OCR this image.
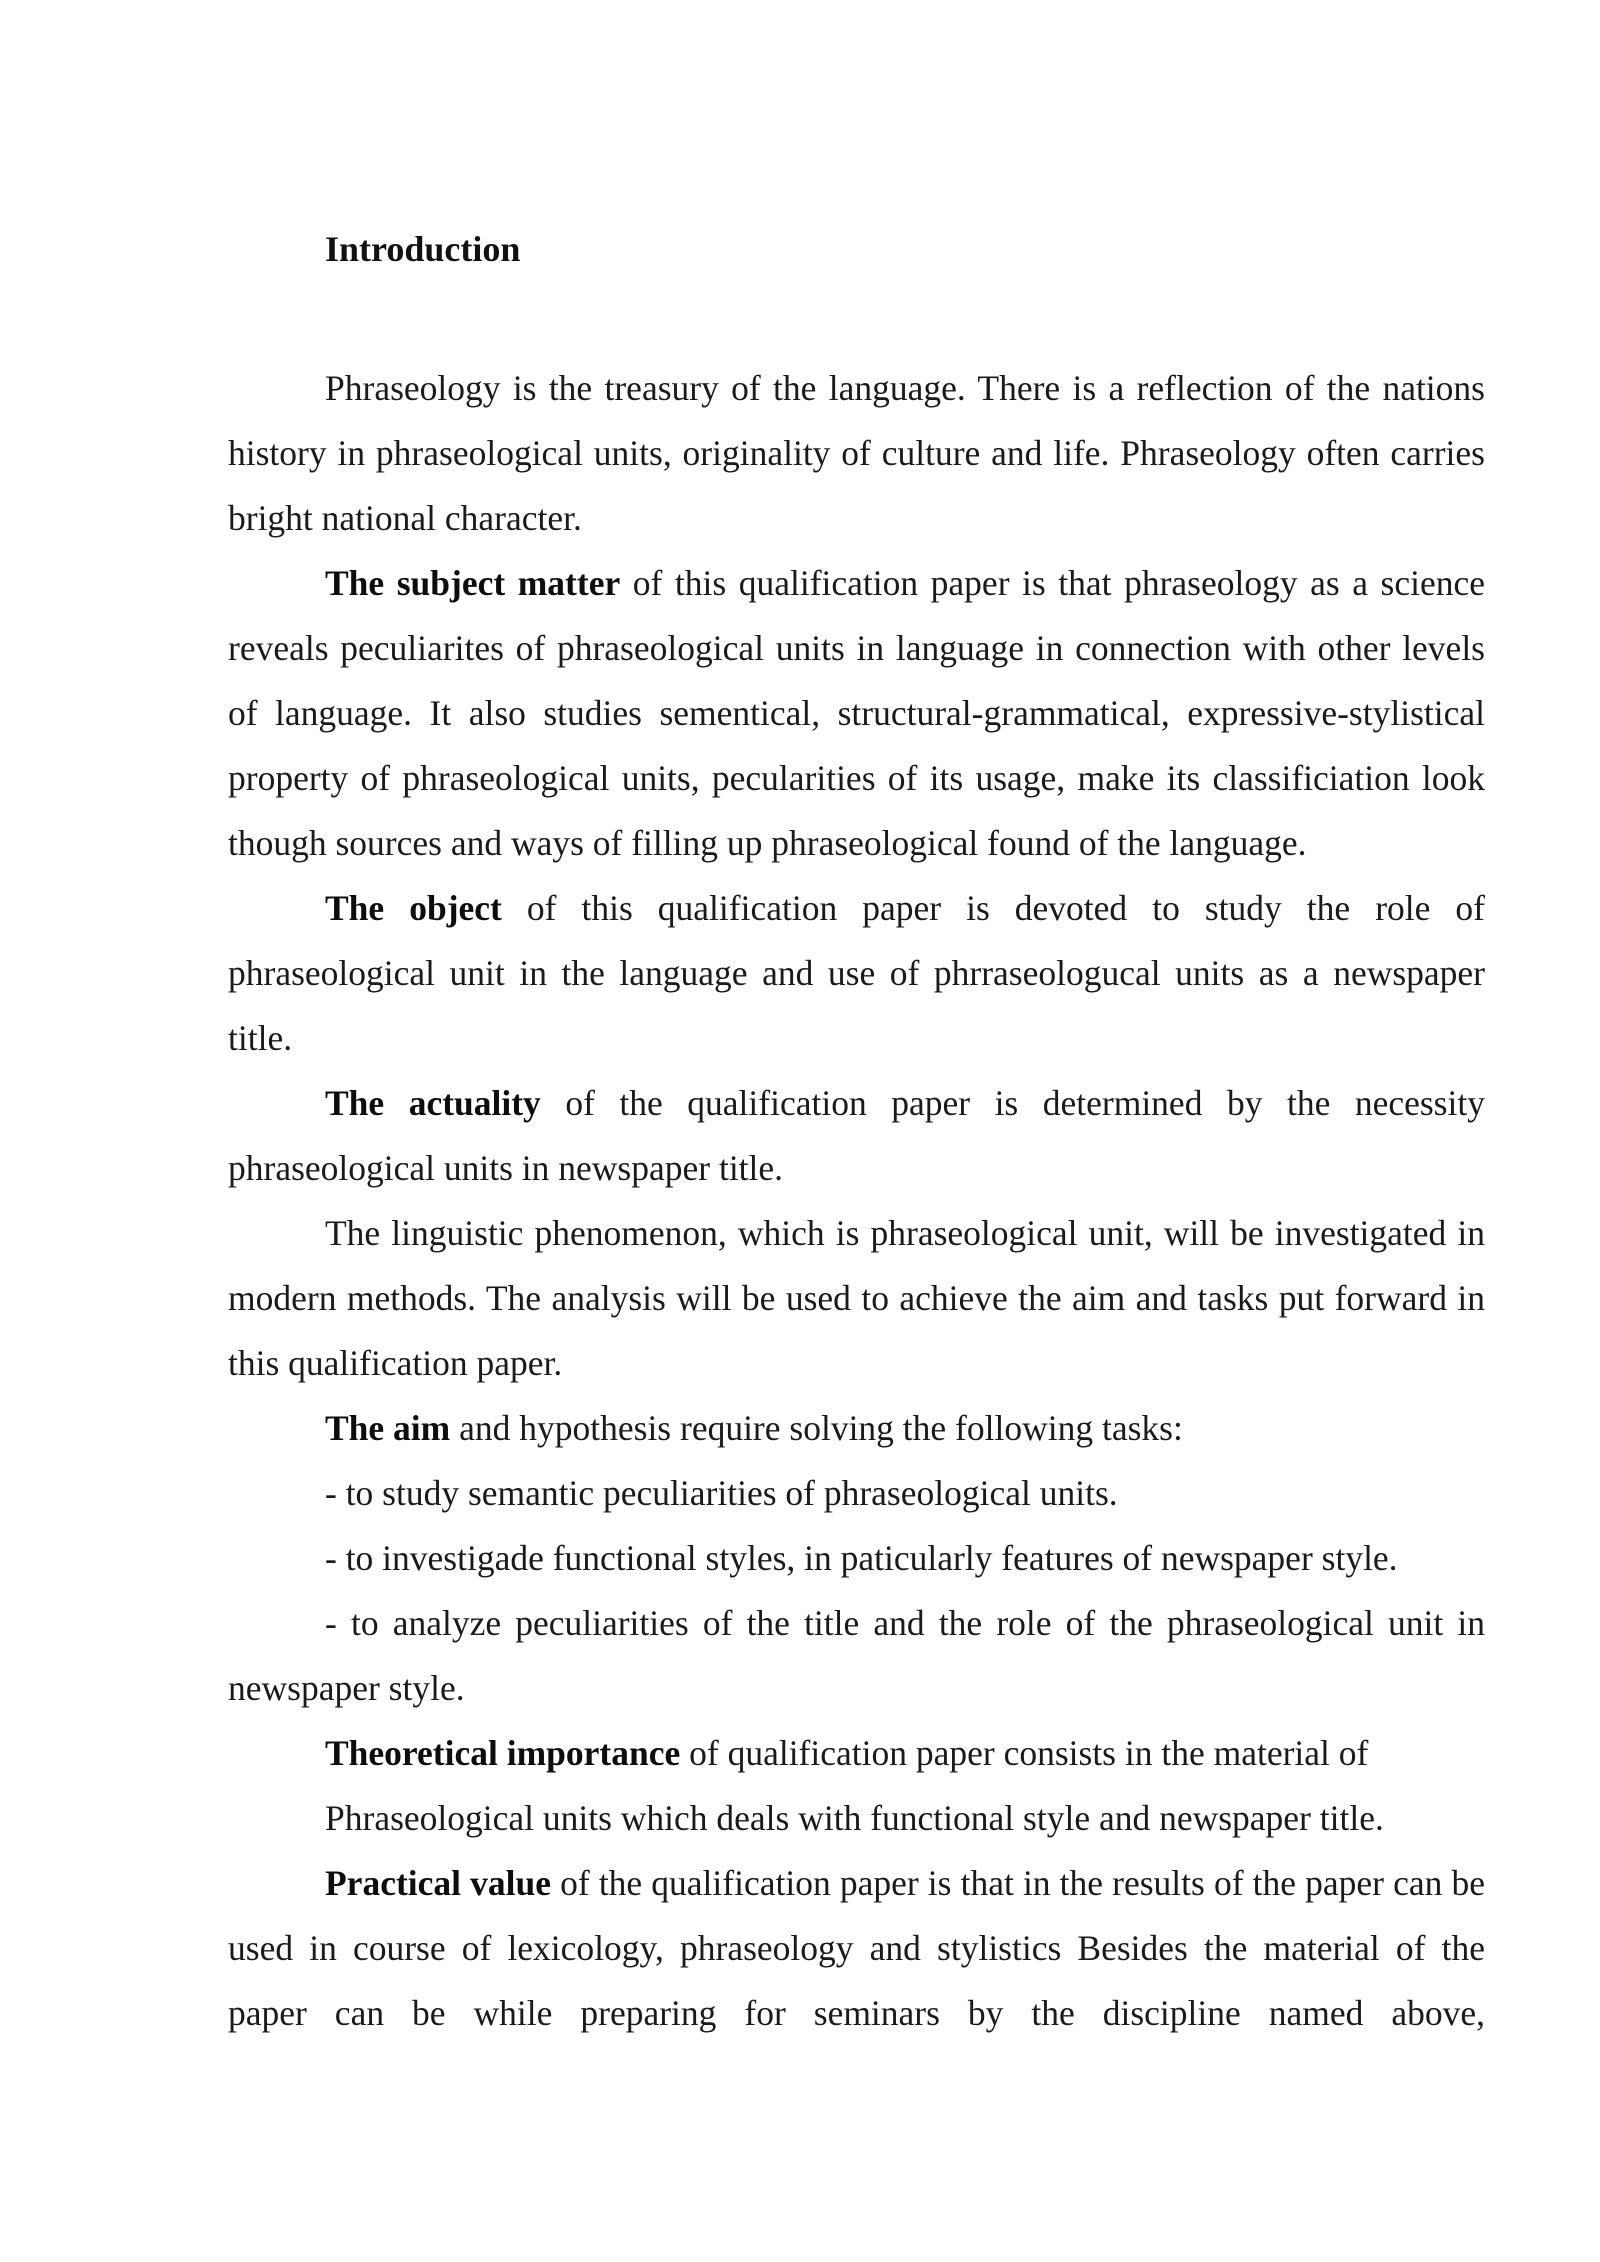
Introduction

Phraseology is the treasury of the language. There is a reflection of the nations history in phraseological units, originality of culture and life. Phraseology often carries bright national character.

The subject matter of this qualification paper is that phraseology as a science reveals peculiarites of phraseological units in language in connection with other levels of language. It also studies sementical, structural-grammatical, expressive-stylistical property of phraseological units, pecularities of its usage, make its classificiation look though sources and ways of filling up phraseological found of the language.

The object of this qualification paper is devoted to study the role of phraseological unit in the language and use of phrraseologucal units as a newspaper title.

The actuality of the qualification paper is determined by the necessity phraseological units in newspaper title.

The linguistic phenomenon, which is phraseological unit, will be investigated in modern methods. The analysis will be used to achieve the aim and tasks put forward in this qualification paper.

The aim and hypothesis require solving the following tasks:

- to study semantic peculiarities of phraseological units.

- to investigade functional styles, in paticularly features of newspaper style.

- to analyze peculiarities of the title and the role of the phraseological unit in newspaper style.

Theoretical importance of qualification paper consists in the material of

Phraseological units which deals with functional style and newspaper title.

Practical value of the qualification paper is that in the results of the paper can be used in course of lexicology, phraseology and stylistics Besides the material of the paper can be while preparing for seminars by the discipline named above,
